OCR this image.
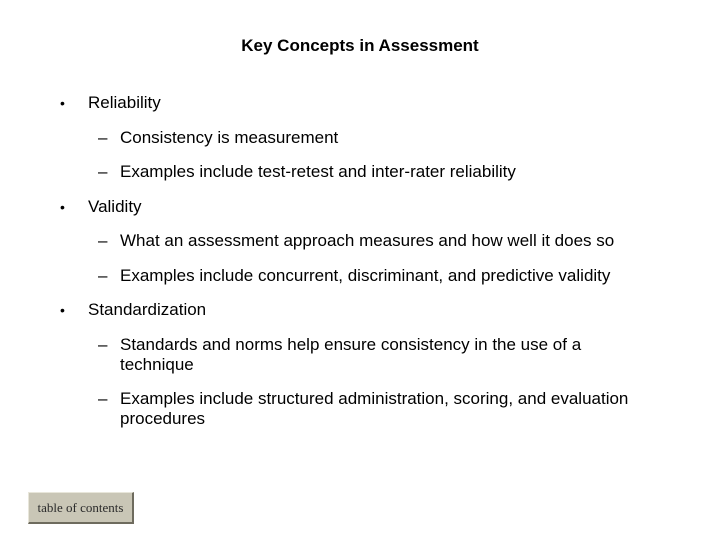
Key Concepts in Assessment
• Reliability
– Consistency is measurement
– Examples include test-retest and inter-rater reliability
• Validity
– What an assessment approach measures and how well it does so
– Examples include concurrent, discriminant, and predictive validity
• Standardization
– Standards and norms help ensure consistency in the use of a technique
– Examples include structured administration, scoring, and evaluation procedures
table of contents
